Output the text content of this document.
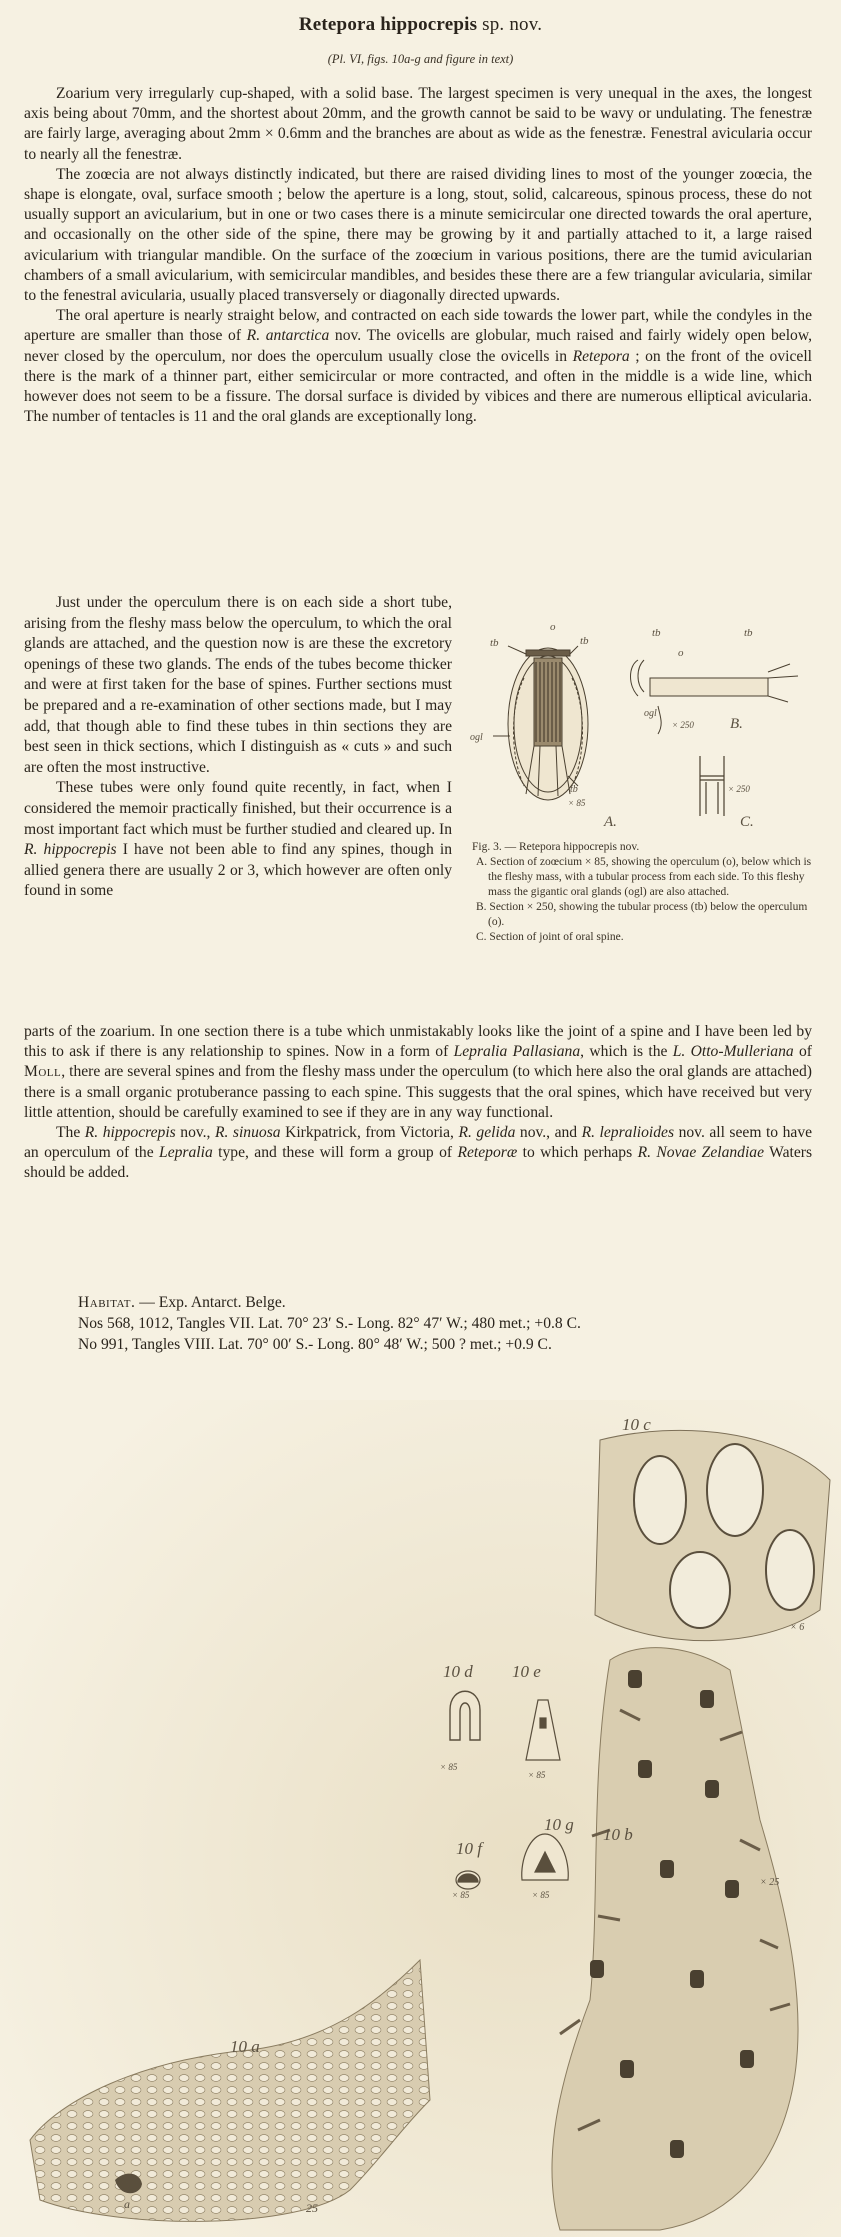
Retepora hippocrepis sp. nov.
(Pl. VI, figs. 10a-g and figure in text)

Zoarium very irregularly cup-shaped, with a solid base. The largest specimen is very unequal in the axes, the longest axis being about 70mm, and the shortest about 20mm, and the growth cannot be said to be wavy or undulating. The fenestræ are fairly large, averaging about 2mm × 0.6mm and the branches are about as wide as the fenestræ. Fenestral avicularia occur to nearly all the fenestræ.

The zoœcia are not always distinctly indicated, but there are raised dividing lines to most of the younger zoœcia, the shape is elongate, oval, surface smooth ; below the aperture is a long, stout, solid, calcareous, spinous process, these do not usually support an avicularium, but in one or two cases there is a minute semicircular one directed towards the oral aperture, and occasionally on the other side of the spine, there may be growing by it and partially attached to it, a large raised avicularium with triangular mandible. On the surface of the zoœcium in various positions, there are the tumid avicularian chambers of a small avicularium, with semicircular mandibles, and besides these there are a few triangular avicularia, similar to the fenestral avicularia, usually placed transversely or diagonally directed upwards.

The oral aperture is nearly straight below, and contracted on each side towards the lower part, while the condyles in the aperture are smaller than those of R. antarctica nov. The ovicells are globular, much raised and fairly widely open below, never closed by the operculum, nor does the operculum usually close the ovicells in Retepora ; on the front of the ovicell there is the mark of a thinner part, either semicircular or more contracted, and often in the middle is a wide line, which however does not seem to be a fissure. The dorsal surface is divided by vibices and there are numerous elliptical avicularia. The number of tentacles is 11 and the oral glands are exceptionally long.

Just under the operculum there is on each side a short tube, arising from the fleshy mass below the operculum, to which the oral glands are attached, and the question now is are these the excretory openings of these two glands. The ends of the tubes become thicker and were at first taken for the base of spines. Further sections must be prepared and a re-examination of other sections made, but I may add, that though able to find these tubes in thin sections they are best seen in thick sections, which I distinguish as « cuts » and such are often the most instructive.

These tubes were only found quite recently, in fact, when I considered the memoir practically finished, but their occurrence is a most important fact which must be further studied and cleared up. In R. hippocrepis I have not been able to find any spines, though in allied genera there are usually 2 or 3, which however are often only found in some

tb
o
tb
ogl
tb
× 85
A.
tb
o
tb
ogl
× 250 B.
× 250
C.
Fig. 3. — Retepora hippocrepis nov.

A. Section of zoœcium × 85, showing the operculum (o), below which is the fleshy mass, with a tubular process from each side. To this fleshy mass the gigantic oral glands (ogl) are also attached.

B. Section × 250, showing the tubular process (tb) below the operculum (o).

C. Section of joint of oral spine.

parts of the zoarium. In one section there is a tube which unmistakably looks like the joint of a spine and I have been led by this to ask if there is any relationship to spines. Now in a form of Lepralia Pallasiana, which is the L. Otto-Mulleriana of Moll, there are several spines and from the fleshy mass under the operculum (to which here also the oral glands are attached) there is a small organic protuberance passing to each spine. This suggests that the oral spines, which have received but very little attention, should be carefully examined to see if they are in any way functional.

The R. hippocrepis nov., R. sinuosa Kirkpatrick, from Victoria, R. gelida nov., and R. lepralioides nov. all seem to have an operculum of the Lepralia type, and these will form a group of Reteporæ to which perhaps R. Novae Zelandiae Waters should be added.

Habitat. — Exp. Antarct. Belge.

Nos 568, 1012, Tangles VII. Lat. 70° 23′ S.- Long. 82° 47′ W.; 480 met.; +0.8 C.

No 991, Tangles VIII. Lat. 70° 00′ S.- Long. 80° 48′ W.; 500 ? met.; +0.9 C.

10 c
× 6
10 b
× 25
10 d
× 85
10 e
× 85
10 g
× 85
10 f
× 85
10 a
a	25
